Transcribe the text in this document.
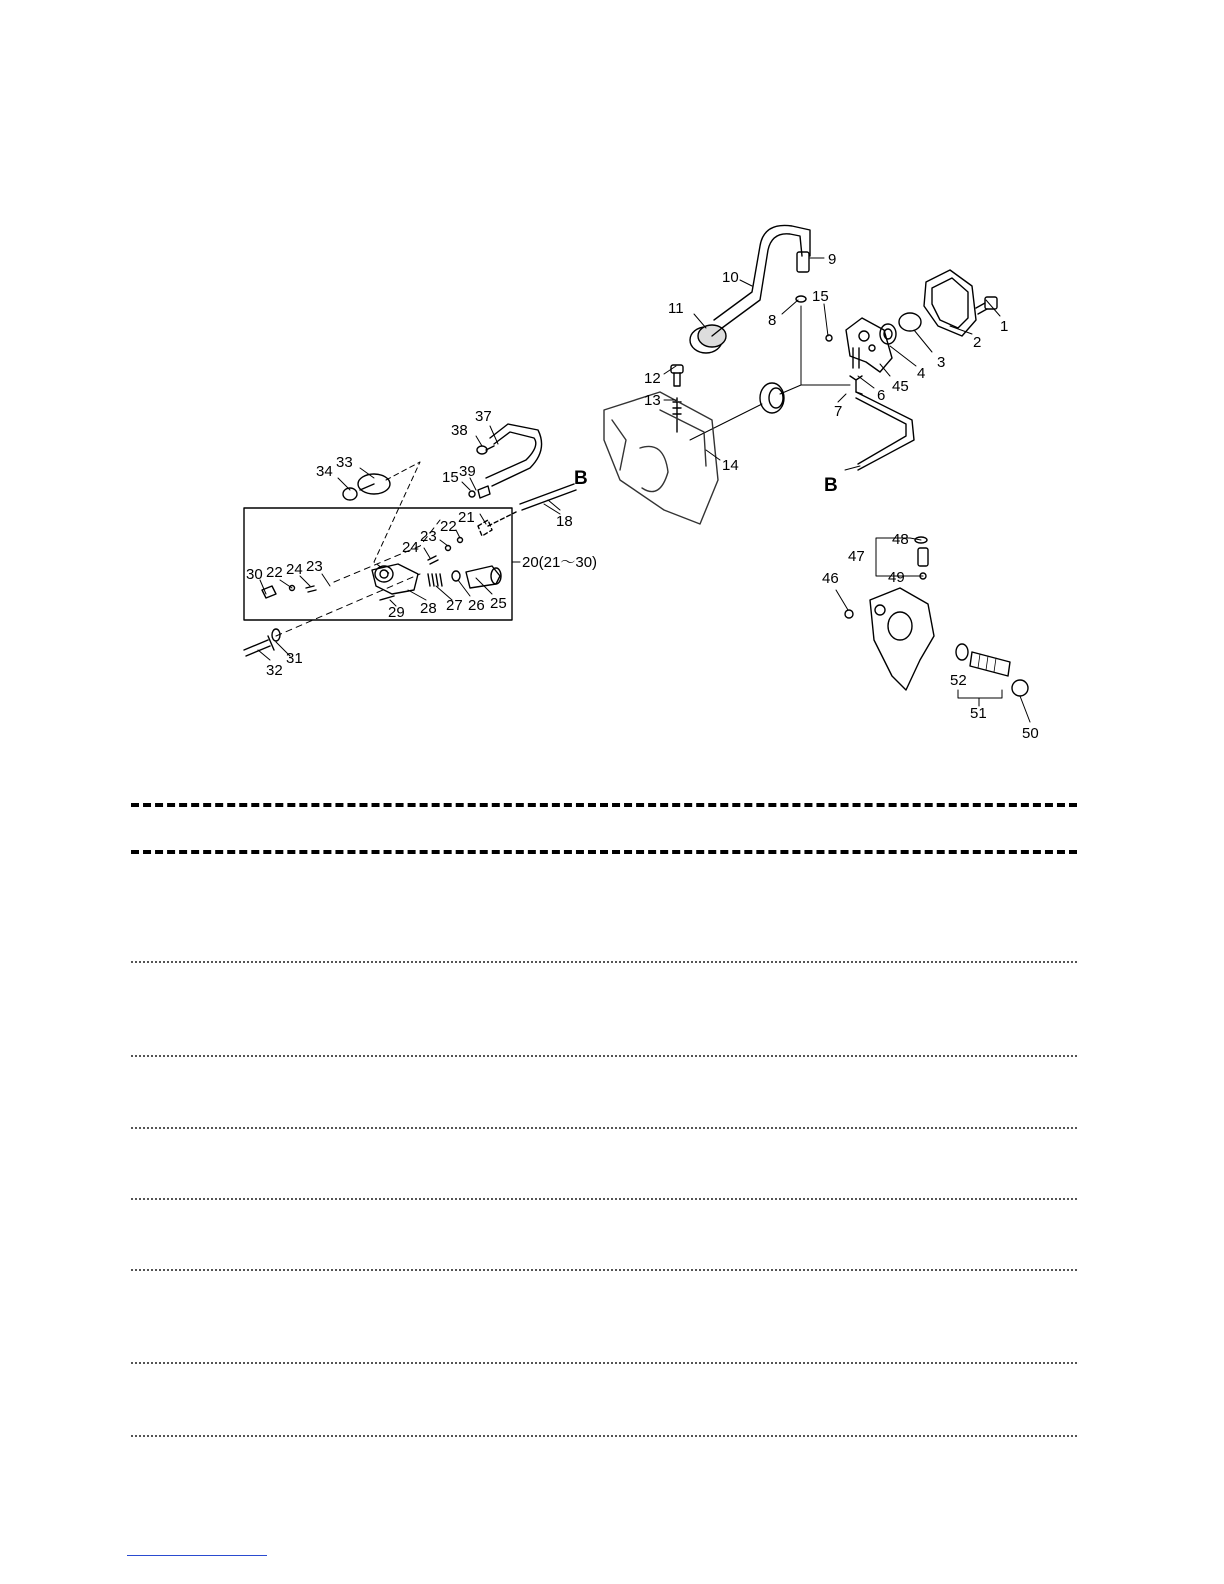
1
2
3
4
45
6
7
8
9
10
11
12
13
14
15
B
37
38
15 39	B
18
33
34
21
22
23
24
20(21～30)
30 22 24 23
29 28 27 26 25
31
32
48
47
49
46
52
51
50
